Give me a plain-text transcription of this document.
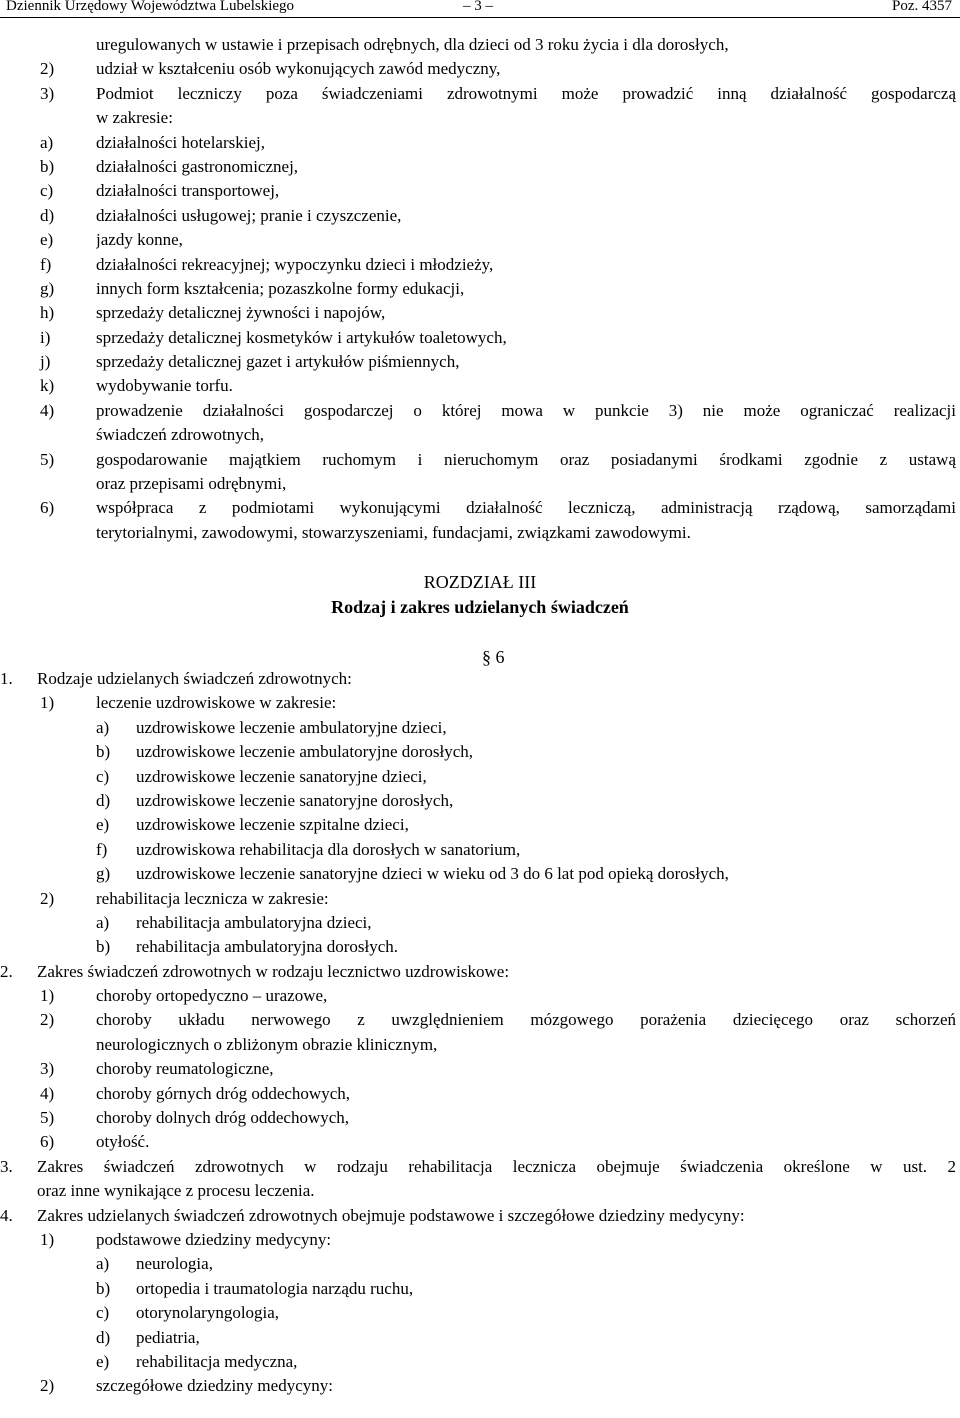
Dziennik Urzędowy Województwa Lubelskiego	– 3 –	Poz. 4357
uregulowanych w ustawie i przepisach odrębnych, dla dzieci od 3 roku życia i dla dorosłych,
2)	udział w kształceniu osób wykonujących zawód medyczny,
3)	Podmiot leczniczy poza świadczeniami zdrowotnymi może prowadzić inną działalność gospodarczą
w zakresie:
a)	działalności hotelarskiej,
b)	działalności gastronomicznej,
c)	działalności transportowej,
d)	działalności usługowej; pranie i czyszczenie,
e)	jazdy konne,
f)	działalności rekreacyjnej; wypoczynku dzieci i młodzieży,
g)	innych form kształcenia; pozaszkolne formy edukacji,
h)	sprzedaży detalicznej żywności i napojów,
i)	sprzedaży detalicznej kosmetyków i artykułów toaletowych,
j)	sprzedaży detalicznej gazet i artykułów piśmiennych,
k)	wydobywanie torfu.
4)	prowadzenie działalności gospodarczej o której mowa w punkcie 3) nie może ograniczać realizacji
świadczeń zdrowotnych,
5)	gospodarowanie majątkiem ruchomym i nieruchomym oraz posiadanymi środkami zgodnie z ustawą
oraz przepisami odrębnymi,
6)	współpraca z podmiotami wykonującymi działalność leczniczą, administracją rządową, samorządami
terytorialnymi, zawodowymi, stowarzyszeniami, fundacjami, związkami zawodowymi.
ROZDZIAŁ III
Rodzaj i zakres udzielanych świadczeń
§ 6
1.	Rodzaje udzielanych świadczeń zdrowotnych:
1)	leczenie uzdrowiskowe w zakresie:
a)	uzdrowiskowe leczenie ambulatoryjne dzieci,
b)	uzdrowiskowe leczenie ambulatoryjne dorosłych,
c)	uzdrowiskowe leczenie sanatoryjne dzieci,
d)	uzdrowiskowe leczenie sanatoryjne dorosłych,
e)	uzdrowiskowe leczenie szpitalne dzieci,
f)	uzdrowiskowa rehabilitacja dla dorosłych w sanatorium,
g)	uzdrowiskowe leczenie sanatoryjne dzieci w wieku od 3 do 6 lat pod opieką dorosłych,
2)	rehabilitacja lecznicza w zakresie:
a)	rehabilitacja ambulatoryjna dzieci,
b)	rehabilitacja ambulatoryjna dorosłych.
2.	Zakres świadczeń zdrowotnych w rodzaju lecznictwo uzdrowiskowe:
1)	choroby ortopedyczno – urazowe,
2)	choroby układu nerwowego z uwzględnieniem mózgowego porażenia dziecięcego oraz schorzeń
neurologicznych o zbliżonym obrazie klinicznym,
3)	choroby reumatologiczne,
4)	choroby górnych dróg oddechowych,
5)	choroby dolnych dróg oddechowych,
6)	otyłość.
3.	Zakres świadczeń zdrowotnych w rodzaju rehabilitacja lecznicza obejmuje świadczenia określone w ust. 2
oraz inne wynikające z procesu leczenia.
4.	Zakres udzielanych świadczeń zdrowotnych obejmuje podstawowe i szczegółowe dziedziny medycyny:
1)	podstawowe dziedziny medycyny:
a)	neurologia,
b)	ortopedia i traumatologia narządu ruchu,
c)	otorynolaryngologia,
d)	pediatria,
e)	rehabilitacja medyczna,
2)	szczegółowe dziedziny medycyny:
